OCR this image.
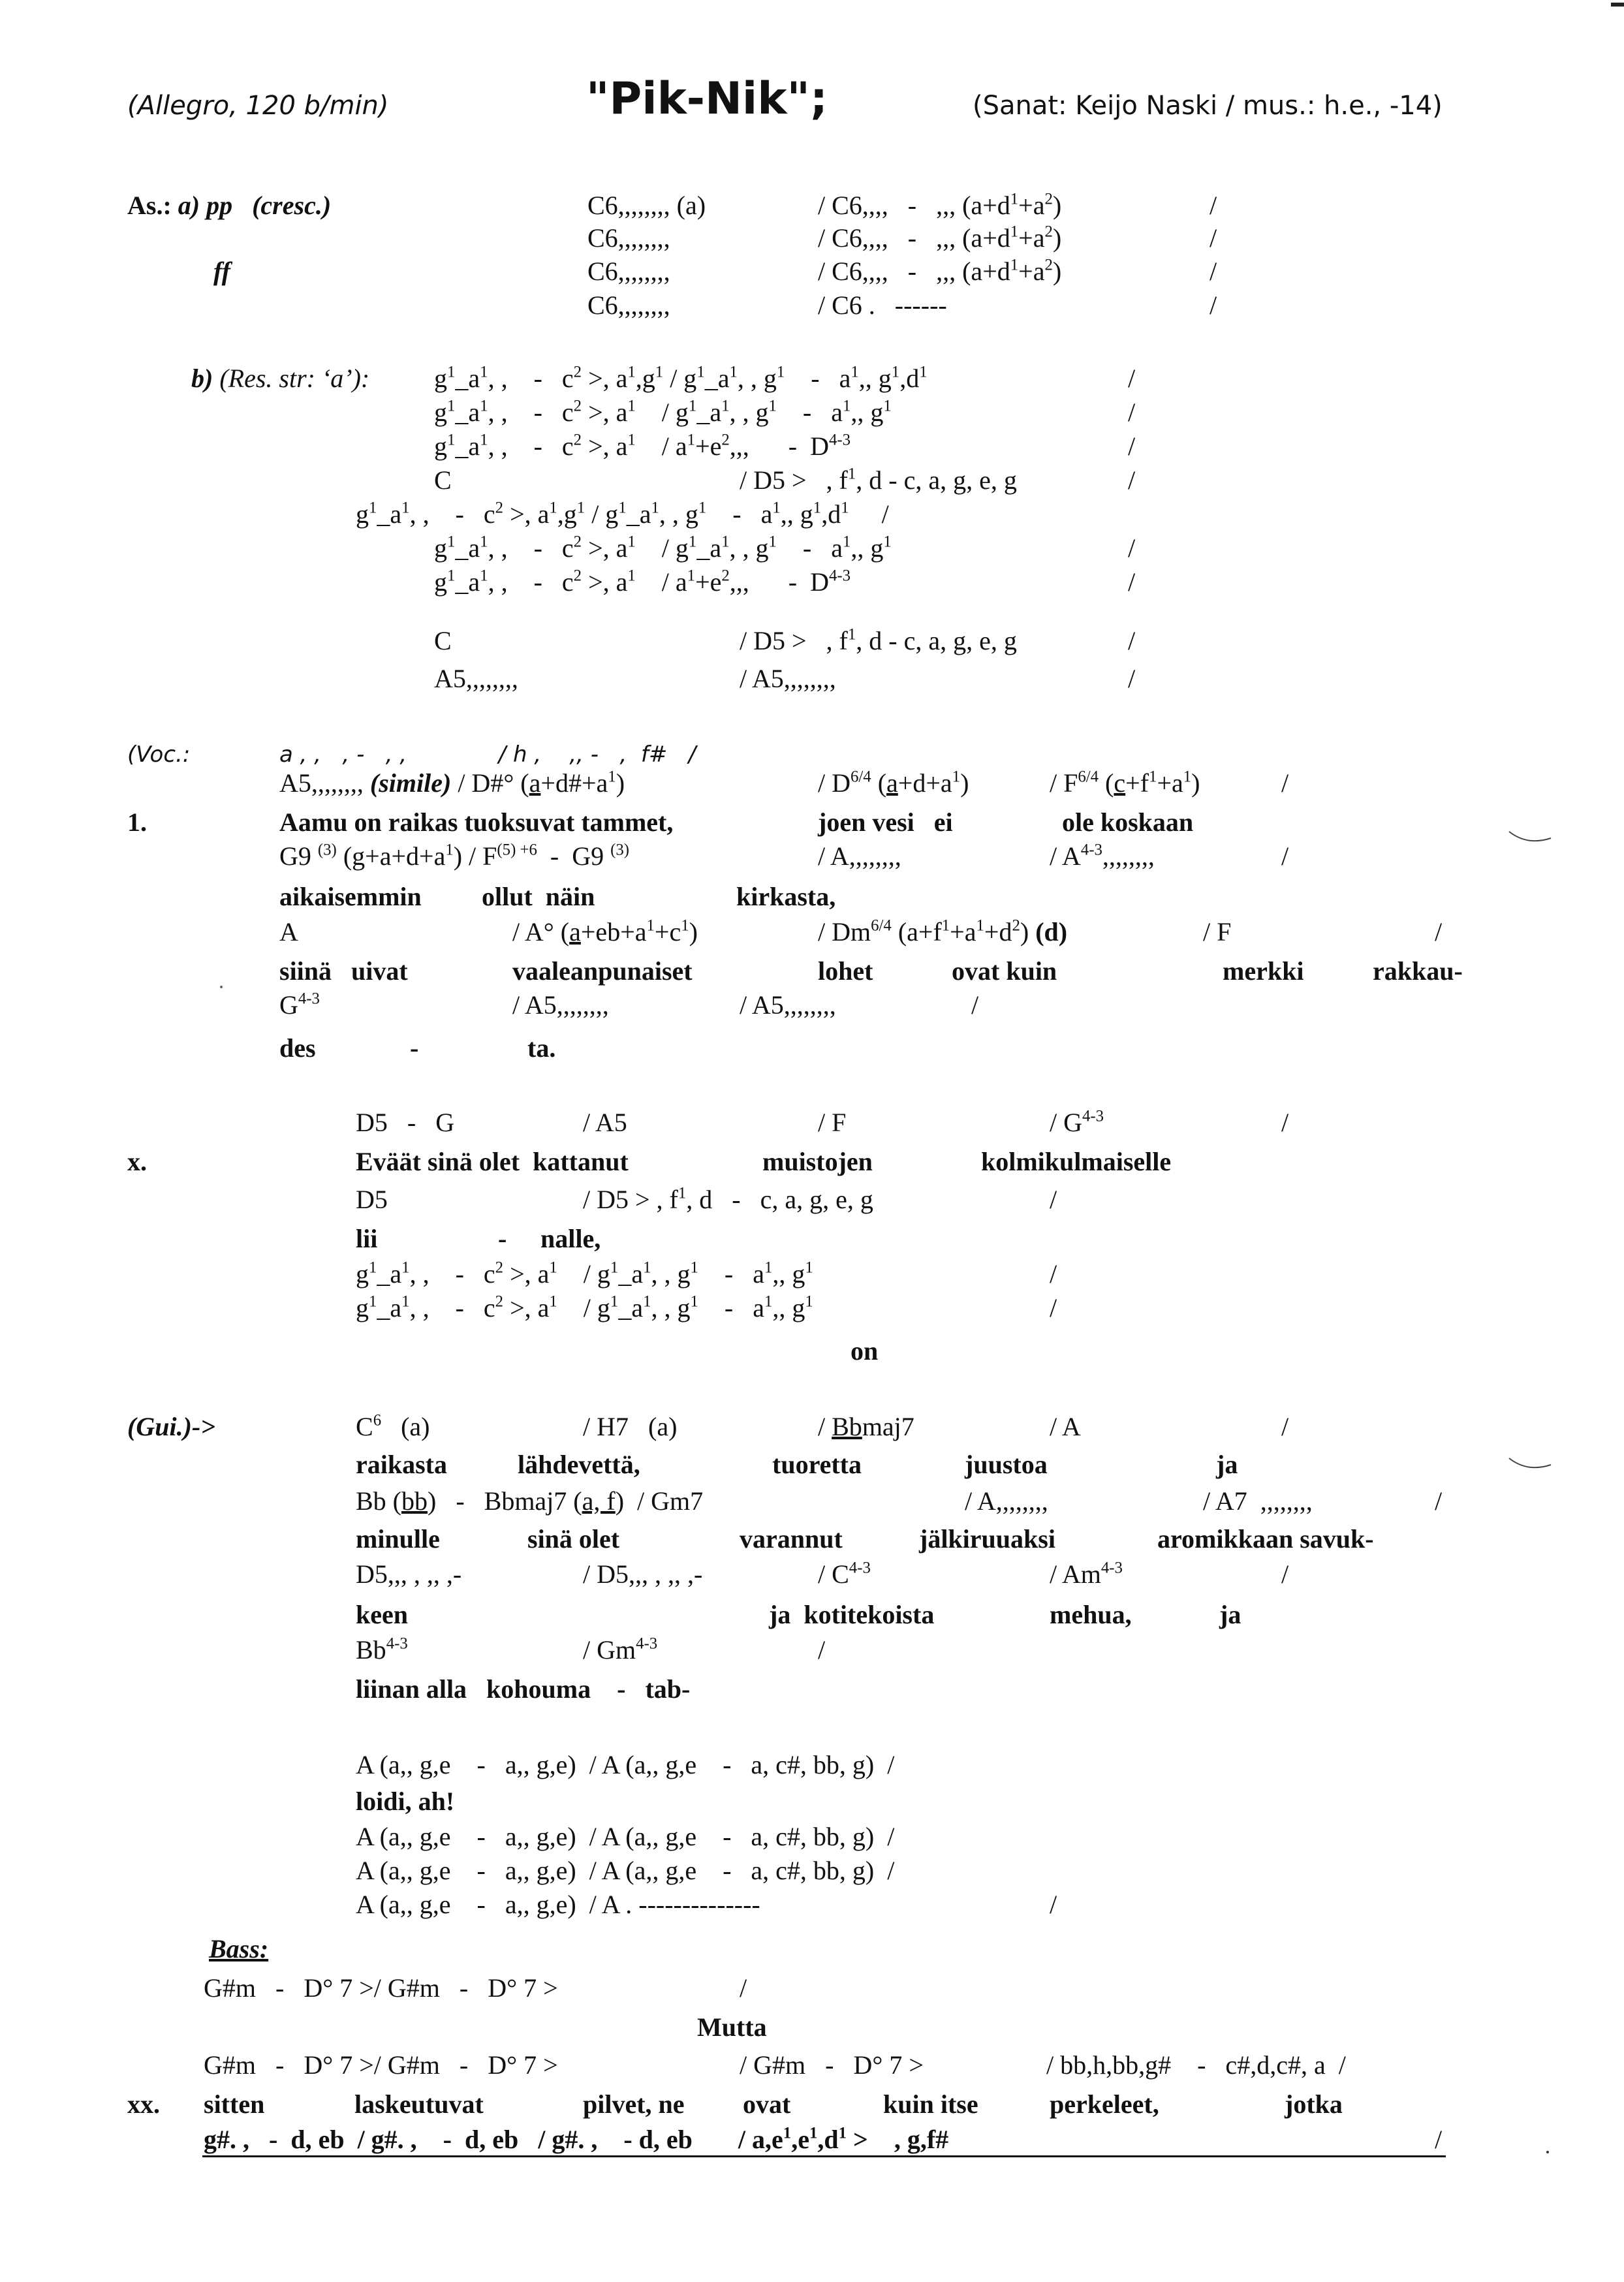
(Allegro, 120 b/min)	"Pik-Nik";	(Sanat: Keijo Naski / mus.: h.e., -14)
As.: a) pp   (cresc.)	C6,,,,,,,, (a)	/ C6,,,,   -   ,,, $(a+d^1+a^2)$	/
C6,,,,,,,,	/ C6,,,,   -   ,,, $(a+d^1+a^2)$	/
ff	C6,,,,,,,,	/ C6,,,,   -   ,,, $(a+d^1+a^2)$	/
C6,,,,,,,,	/ C6 .   ------	/
b) (Res. str: ‘a’): $g^1\_a^1$, ,    -   $c^2$ >, $a^1,g^1$ / $g^1\_a^1$, , $g^1$    -   $a^1$,, $g^1,d^1$	/
$g^1\_a^1$, ,    -   $c^2$ >, $a^1$    / $g^1\_a^1$, , $g^1$    -   $a^1$,, $g^1$	/
$g^1\_a^1$, ,    -   $c^2$ >, $a^1$    / $a^1+e^2$,,,      -  $D^{4-3}$	/
C	/ D5 >   , $f^1$, d - c, a, g, e, g	/
$g^1\_a^1$, ,    -   $c^2$ >, $a^1,g^1$ / $g^1\_a^1$, , $g^1$    -   $a^1$,, $g^1,d^1$     /
$g^1\_a^1$, ,    -   $c^2$ >, $a^1$    / $g^1\_a^1$, , $g^1$    -   $a^1$,, $g^1$	/
$g^1\_a^1$, ,    -   $c^2$ >, $a^1$    / $a^1+e^2$,,,      -  $D^{4-3}$	/
C	/ D5 >   , $f^1$, d - c, a, g, e, g	/
A5,,,,,,,,	/ A5,,,,,,,,	/
(Voc.:	a , ,   , -   , ,             / h ,    ,, -   ,  f#   /
A5,,,,,,,, (simile) / D#° $(a+d\#+a^1)$	/ $D^{6/4}$ $(a+d+a^1)$	/ $F^{6/4}$ $(c+f^1+a^1)$	/
1.	Aamu on raikas tuoksuvat tammet,	joen vesi   ei	ole koskaan
G9 $^{(3)}$ $(g+a+d+a^1) / F^{(5) +6} - G9$ $^{(3)}$	/ A,,,,,,,,	/ $A^{4-3}$,,,,,,,,	/
aikaisemmin ollut  näin	kirkasta,
A	/ A° $(a+eb+a^1+c^1)$	/ $Dm^{6/4}$ $(a+f^1+a^1+d^2)$ (d)	/ F	/
siinä   uivat	vaaleanpunaiset	lohet	ovat kuin	merkki	rakkau-
$G^{4-3}$	/ A5,,,,,,,,	/ A5,,,,,,,,	/
des	-	ta.
D5   -   G	/ A5	/ F	/ $G^{4-3}$	/
x.	Eväät sinä olet  kattanut	muistojen	kolmikulmaiselle
D5	/ D5 > , $f^1$, d   -   c, a, g, e, g	/
lii	- nalle,
$g^1\_a^1$, ,    -   $c^2$ >, $a^1$    / $g^1\_a^1$, , $g^1$    -   $a^1$,, $g^1$	/
$g^1\_a^1$, ,    -   $c^2$ >, $a^1$    / $g^1\_a^1$, , $g^1$    -   $a^1$,, $g^1$	/
on
(Gui.)->	$C^6$   (a)	/ H7   (a)	/ Bbmaj7	/ A	/
raikasta	lähdevettä,	tuoretta	juustoa	ja
Bb (bb)   -   Bbmaj7 (a, f)  / Gm7	/ A,,,,,,,,	/ A7  ,,,,,,,,	/
minulle	sinä olet	varannut	jälkiruuaksi	aromikkaan savuk-
D5,,, , ,, ,-	/ D5,,, , ,, ,-	/ $C^{4-3}$	/ Am$^{4-3}$	/
keen	ja  kotitekoista	mehua,	ja
Bb$^{4-3}$	/ Gm$^{4-3}$	/
liinan alla   kohouma    -   tab-
A (a,, g,e    -   a,, g,e)  / A (a,, g,e    -   a, c#, bb, g)  /
loidi, ah!
A (a,, g,e    -   a,, g,e)  / A (a,, g,e    -   a, c#, bb, g)  /
A (a,, g,e    -   a,, g,e)  / A (a,, g,e    -   a, c#, bb, g)  /
A (a,, g,e    -   a,, g,e)  / A . --------------	/
Bass:
G#m   -   D° 7 >/ G#m   -   D° 7 >	/
Mutta
G#m   -   D° 7 >/ G#m   -   D° 7 >	/ G#m   -   D° 7 >	/ bb,h,bb,g#    -   c#,d,c#, a  /
xx. sitten	laskeutuvat	pilvet, ne ovat	kuin itse	perkeleet,	jotka
g#. ,   -  d, eb  / g#. ,    -  d, eb   / g#. ,    - d, eb       / $a,e^1,e^1,d^1$ >    , g,f#	/
